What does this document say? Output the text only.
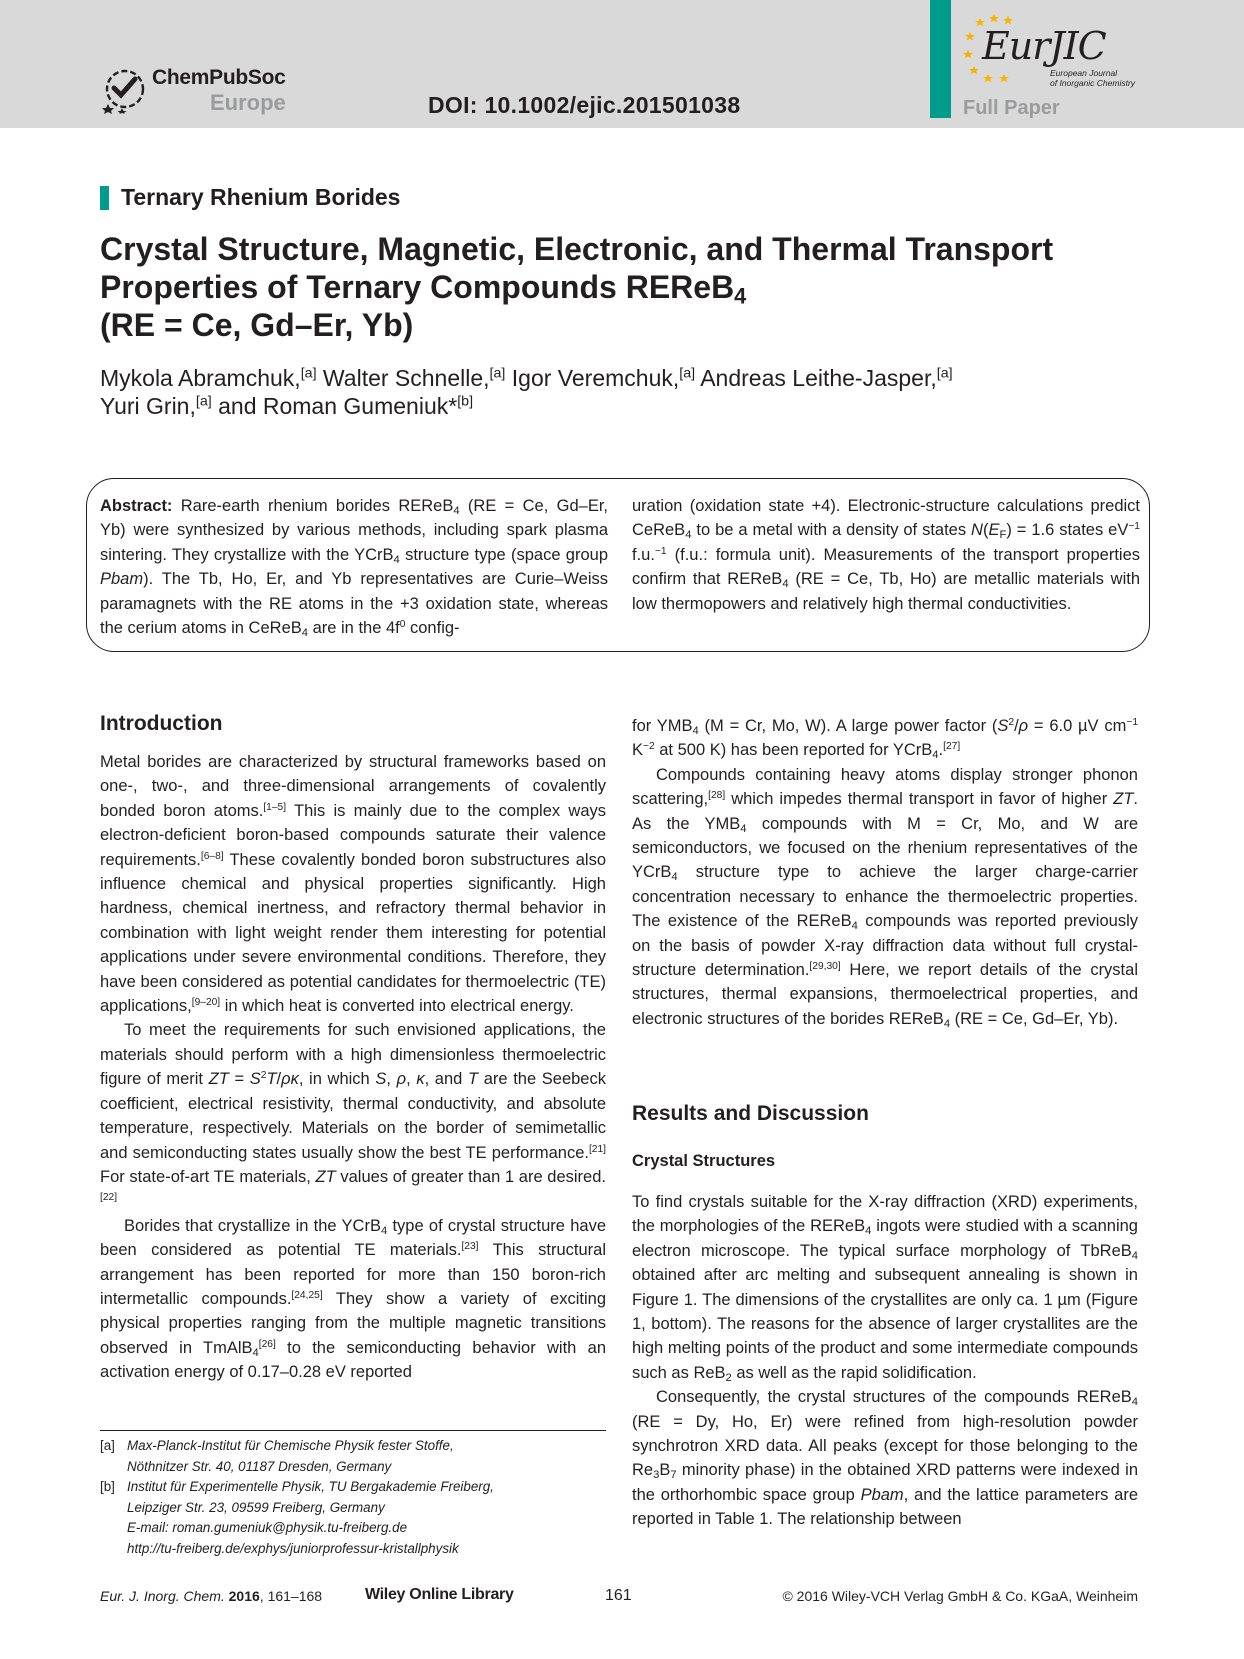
ChemPubSoc
Europe	DOI: 10.1002/ejic.201501038
EurJIC
European Journal
of Inorganic Chemistry
Full Paper
Ternary Rhenium Borides
Crystal Structure, Magnetic, Electronic, and Thermal Transport
Properties of Ternary Compounds REReB$_4$
(RE = Ce, Gd–Er, Yb)
Mykola Abramchuk,[a] Walter Schnelle,[a] Igor Veremchuk,[a] Andreas Leithe-Jasper,[a]
Yuri Grin,[a] and Roman Gumeniuk*[b]
Abstract: Rare-earth rhenium borides REReB$_4$ (RE = Ce, Gd–Er, Yb) were synthesized by various methods, including spark plasma sintering. They crystallize with the YCrB$_4$ structure type (space group Pbam). The Tb, Ho, Er, and Yb representatives are Curie–Weiss paramagnets with the RE atoms in the +3 oxidation state, whereas the cerium atoms in CeReB$_4$ are in the $4f^0$ config-
uration (oxidation state +4). Electronic-structure calculations predict CeReB$_4$ to be a metal with a density of states $N(E_F) = 1.6$ states $eV^{-1}$ f.u.$^{-1}$ (f.u.: formula unit). Measurements of the transport properties confirm that REReB$_4$ (RE = Ce, Tb, Ho) are metallic materials with low thermopowers and relatively high thermal conductivities.
Introduction

Metal borides are characterized by structural frameworks based on one-, two-, and three-dimensional arrangements of covalently bonded boron atoms.[1–5] This is mainly due to the complex ways electron-deficient boron-based compounds saturate their valence requirements.[6–8] These covalently bonded boron substructures also influence chemical and physical properties significantly. High hardness, chemical inertness, and refractory thermal behavior in combination with light weight render them interesting for potential applications under severe environmental conditions. Therefore, they have been considered as potential candidates for thermoelectric (TE) applications,[9–20] in which heat is converted into electrical energy.

To meet the requirements for such envisioned applications, the materials should perform with a high dimensionless thermoelectric figure of merit ZT = $S^2T/\rho\kappa$, in which S, ρ, κ, and T are the Seebeck coefficient, electrical resistivity, thermal conductivity, and absolute temperature, respectively. Materials on the border of semimetallic and semiconducting states usually show the best TE performance.[21] For state-of-art TE materials, ZT values of greater than 1 are desired.[22]

Borides that crystallize in the YCrB$_4$ type of crystal structure have been considered as potential TE materials.[23] This structural arrangement has been reported for more than 150 boron-rich intermetallic compounds.[24,25] They show a variety of exciting physical properties ranging from the multiple magnetic transitions observed in TmAlB$_4$[26] to the semiconducting behavior with an activation energy of 0.17–0.28 eV reported

[a] Max-Planck-Institut für Chemische Physik fester Stoffe,
Nöthnitzer Str. 40, 01187 Dresden, Germany
[b] Institut für Experimentelle Physik, TU Bergakademie Freiberg,
Leipziger Str. 23, 09599 Freiberg, Germany
E-mail: roman.gumeniuk@physik.tu-freiberg.de
http://tu-freiberg.de/exphys/juniorprofessur-kristallphysik

for $YMB_4$ (M = Cr, Mo, W). A large power factor ($S^2/\rho = 6.0$ µV $cm^{-1}$ $K^{-2}$ at 500 K) has been reported for YCrB$_4$.[27]

Compounds containing heavy atoms display stronger phonon scattering,[28] which impedes thermal transport in favor of higher ZT. As the $YMB_4$ compounds with M = Cr, Mo, and W are semiconductors, we focused on the rhenium representatives of the YCrB$_4$ structure type to achieve the larger charge-carrier concentration necessary to enhance the thermoelectric properties. The existence of the REReB$_4$ compounds was reported previously on the basis of powder X-ray diffraction data without full crystal-structure determination.[29,30] Here, we report details of the crystal structures, thermal expansions, thermoelectrical properties, and electronic structures of the borides REReB$_4$ (RE = Ce, Gd–Er, Yb).

Results and Discussion
Crystal Structures

To find crystals suitable for the X-ray diffraction (XRD) experiments, the morphologies of the REReB$_4$ ingots were studied with a scanning electron microscope. The typical surface morphology of TbReB$_4$ obtained after arc melting and subsequent annealing is shown in Figure 1. The dimensions of the crystallites are only ca. 1 µm (Figure 1, bottom). The reasons for the absence of larger crystallites are the high melting points of the product and some intermediate compounds such as ReB$_2$ as well as the rapid solidification.

Consequently, the crystal structures of the compounds REReB$_4$ (RE = Dy, Ho, Er) were refined from high-resolution powder synchrotron XRD data. All peaks (except for those belonging to the $Re_3B_7$ minority phase) in the obtained XRD patterns were indexed in the orthorhombic space group Pbam, and the lattice parameters are reported in Table 1. The relationship between

Eur. J. Inorg. Chem. 2016, 161–168	Wiley Online Library	161	© 2016 Wiley-VCH Verlag GmbH & Co. KGaA, Weinheim
